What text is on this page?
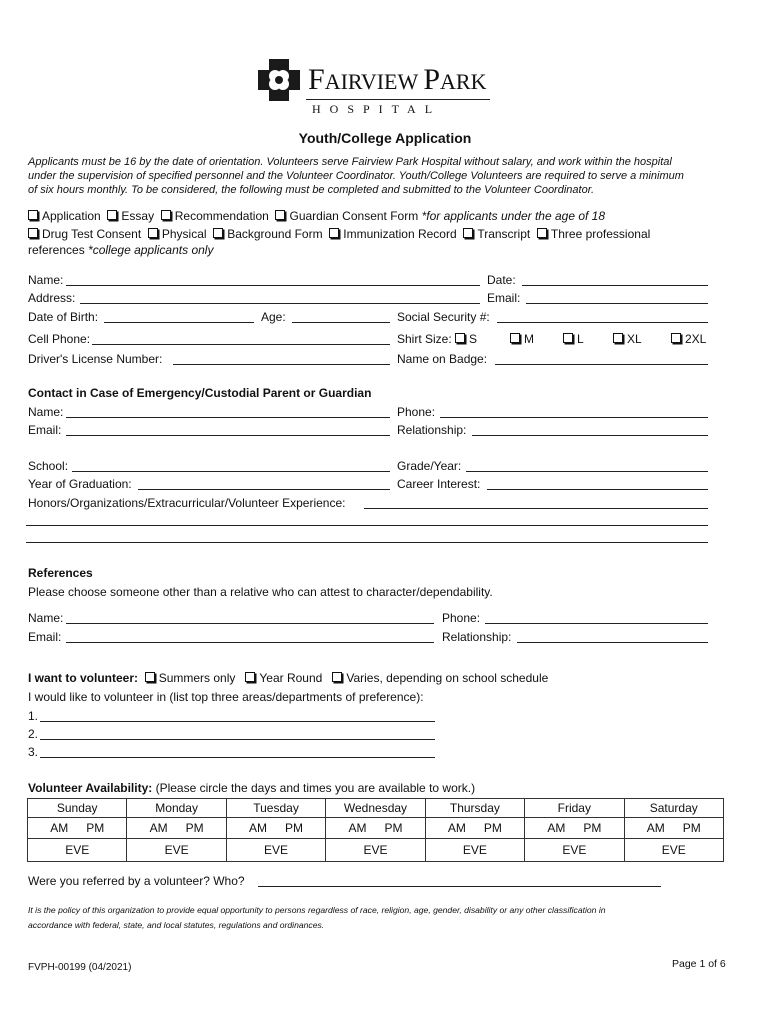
FAIRVIEW PARK
HOSPITAL
Youth/College Application
Applicants must be 16 by the date of orientation. Volunteers serve Fairview Park Hospital without salary, and work within the hospital
under the supervision of specified personnel and the Volunteer Coordinator. Youth/College Volunteers are required to serve a minimum
of six hours monthly. To be considered, the following must be completed and submitted to the Volunteer Coordinator.
Application Essay Recommendation Guardian Consent Form *for applicants under the age of 18
Drug Test Consent Physical Background Form Immunization Record Transcript Three professional
references *college applicants only
Name:	Date:
Address:	Email:
Date of Birth:	Age:	Social Security #:
Cell Phone:	Shirt Size: S	M	L	XL	2XL
Driver's License Number:	Name on Badge:
Contact in Case of Emergency/Custodial Parent or Guardian
Name:	Phone:
Email:	Relationship:
School:	Grade/Year:
Year of Graduation:	Career Interest:
Honors/Organizations/Extracurricular/Volunteer Experience:
References
Please choose someone other than a relative who can attest to character/dependability.
Name:	Phone:
Email:	Relationship:
I want to volunteer: Summers only Year Round Varies, depending on school schedule
I would like to volunteer in (list top three areas/departments of preference):
1.
2.
3.
Volunteer Availability: (Please circle the days and times you are available to work.)
Sunday	Monday	Tuesday	Wednesday	Thursday	Friday	Saturday
AM PM	AM PM	AM PM	AM PM	AM PM	AM PM	AM PM
EVE	EVE	EVE	EVE	EVE	EVE	EVE
Were you referred by a volunteer? Who?
It is the policy of this organization to provide equal opportunity to persons regardless of race, religion, age, gender, disability or any other classification in
accordance with federal, state, and local statutes, regulations and ordinances.
FVPH-00199 (04/2021)	Page 1 of 6
